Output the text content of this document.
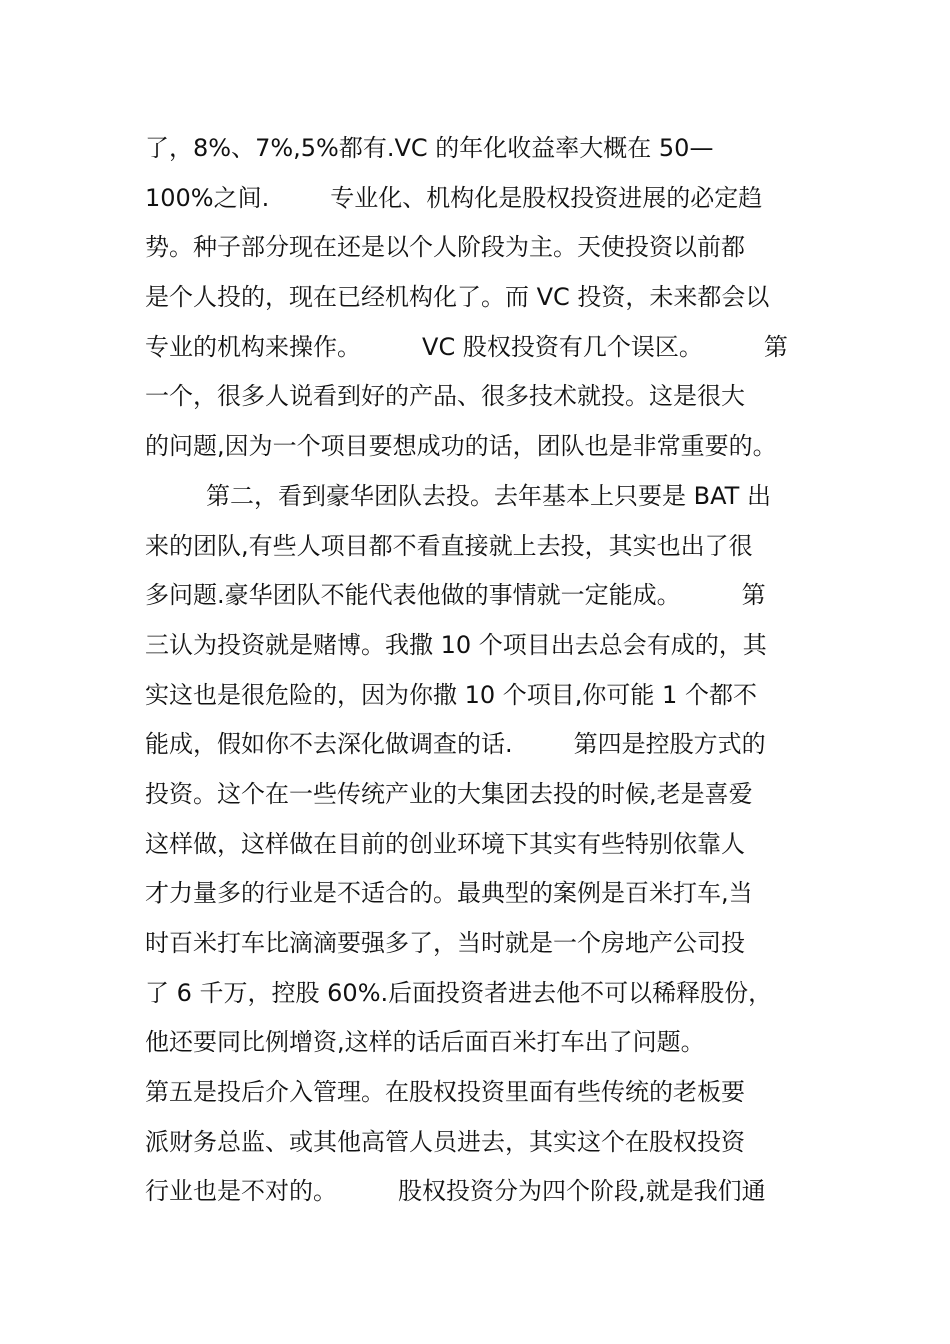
了，8%、7%,5%都有.VC 的年化收益率大概在 50—
100%之间.        专业化、机构化是股权投资进展的必定趋
势。种子部分现在还是以个人阶段为主。天使投资以前都
是个人投的，现在已经机构化了。而 VC 投资，未来都会以
专业的机构来操作。        VC 股权投资有几个误区。        第
一个，很多人说看到好的产品、很多技术就投。这是很大
的问题,因为一个项目要想成功的话，团队也是非常重要的。
第二，看到豪华团队去投。去年基本上只要是 BAT 出
来的团队,有些人项目都不看直接就上去投，其实也出了很
多问题.豪华团队不能代表他做的事情就一定能成。        第
三认为投资就是赌博。我撒 10 个项目出去总会有成的，其
实这也是很危险的，因为你撒 10 个项目,你可能 1 个都不
能成，假如你不去深化做调查的话.        第四是控股方式的
投资。这个在一些传统产业的大集团去投的时候,老是喜爱
这样做，这样做在目前的创业环境下其实有些特别依靠人
才力量多的行业是不适合的。最典型的案例是百米打车,当
时百米打车比滴滴要强多了，当时就是一个房地产公司投
了 6 千万，控股 60%.后面投资者进去他不可以稀释股份，
他还要同比例增资,这样的话后面百米打车出了问题。
第五是投后介入管理。在股权投资里面有些传统的老板要
派财务总监、或其他高管人员进去，其实这个在股权投资
行业也是不对的。        股权投资分为四个阶段,就是我们通
